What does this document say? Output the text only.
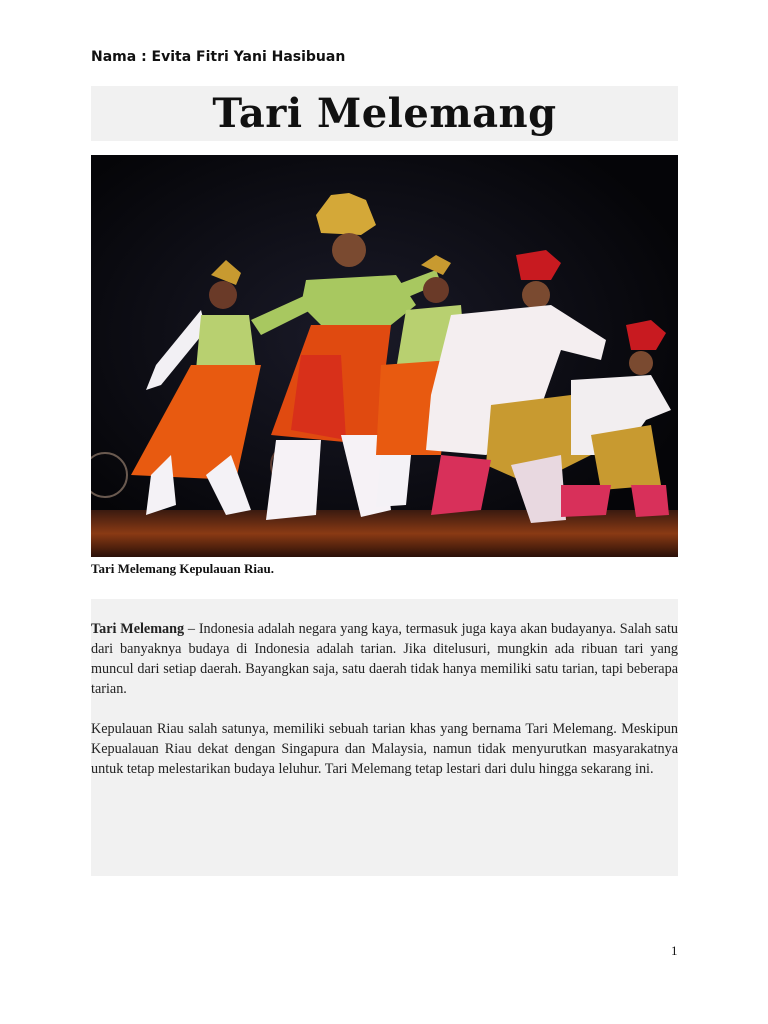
Nama : Evita Fitri Yani Hasibuan
Tari Melemang
Tari Melemang Kepulauan Riau.
Tari Melemang – Indonesia adalah negara yang kaya, termasuk juga kaya akan budayanya. Salah satu dari banyaknya budaya di Indonesia adalah tarian. Jika ditelusuri, mungkin ada ribuan tari yang muncul dari setiap daerah. Bayangkan saja, satu daerah tidak hanya memiliki satu tarian, tapi beberapa tarian.
Kepulauan Riau salah satunya, memiliki sebuah tarian khas yang bernama Tari Melemang. Meskipun Kepualauan Riau dekat dengan Singapura dan Malaysia, namun tidak menyurutkan masyarakatnya untuk tetap melestarikan budaya leluhur. Tari Melemang tetap lestari dari dulu hingga sekarang ini.
1
